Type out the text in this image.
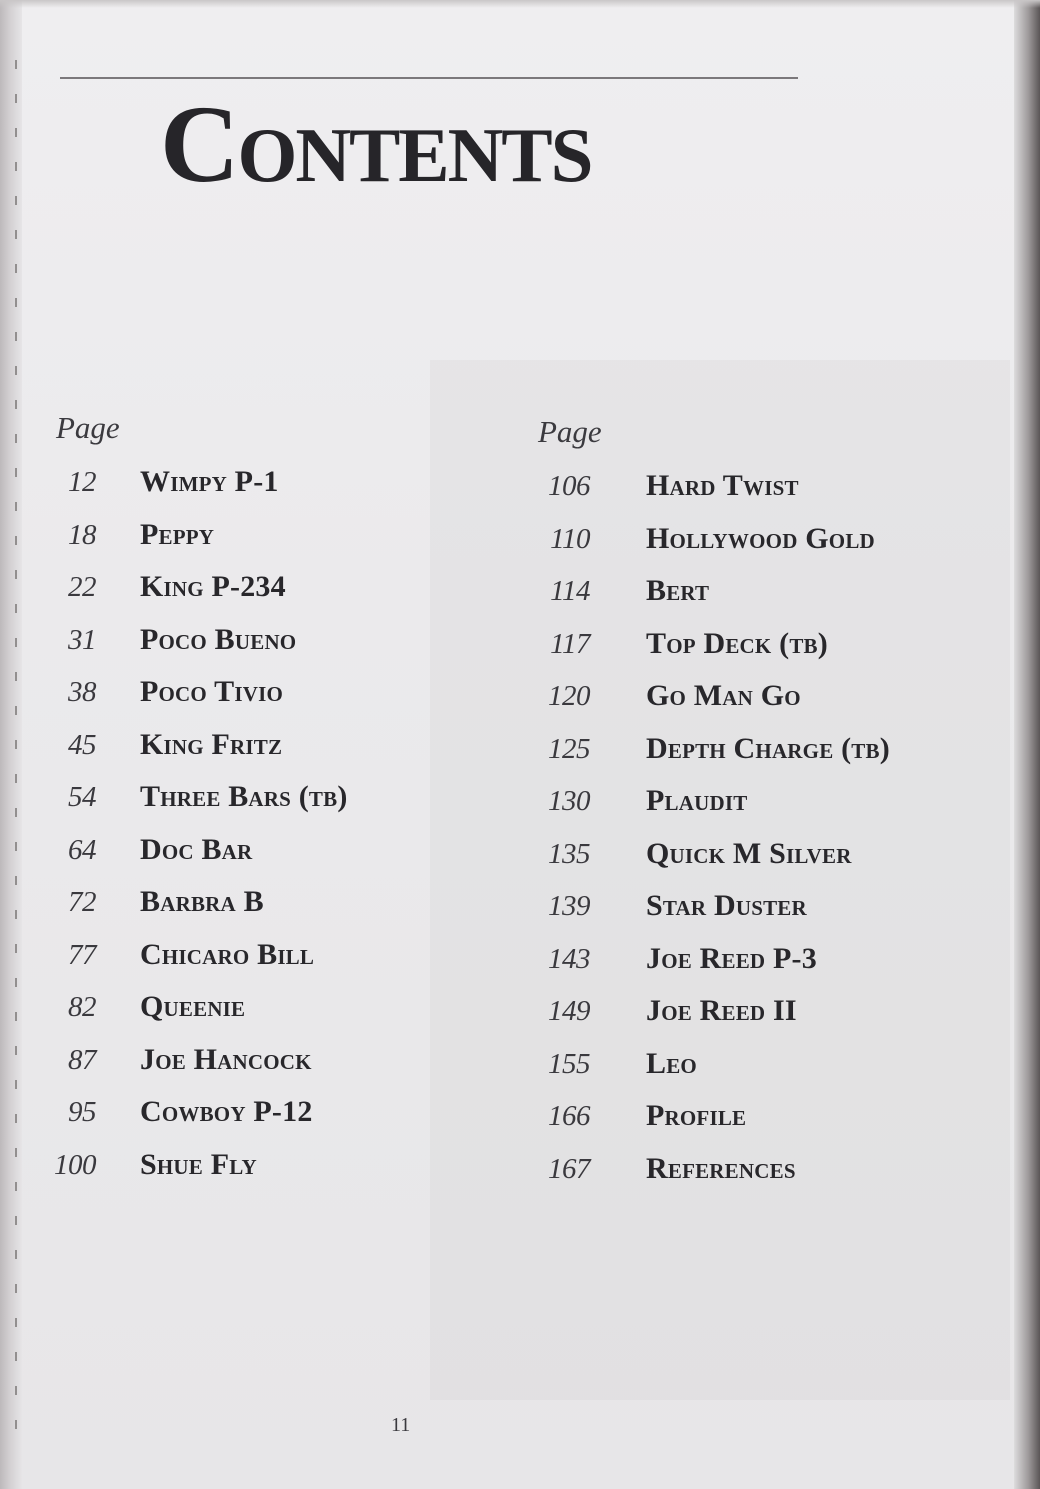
Contents
Page
12 Wimpy P-1
18 Peppy
22 King P-234
31 Poco Bueno
38 Poco Tivio
45 King Fritz
54 Three Bars (tb)
64 Doc Bar
72 Barbra B
77 Chicaro Bill
82 Queenie
87 Joe Hancock
95 Cowboy P-12
100 Shue Fly
Page
106 Hard Twist
110 Hollywood Gold
114 Bert
117 Top Deck (tb)
120 Go Man Go
125 Depth Charge (tb)
130 Plaudit
135 Quick M Silver
139 Star Duster
143 Joe Reed P-3
149 Joe Reed II
155 Leo
166 Profile
167 References
11
